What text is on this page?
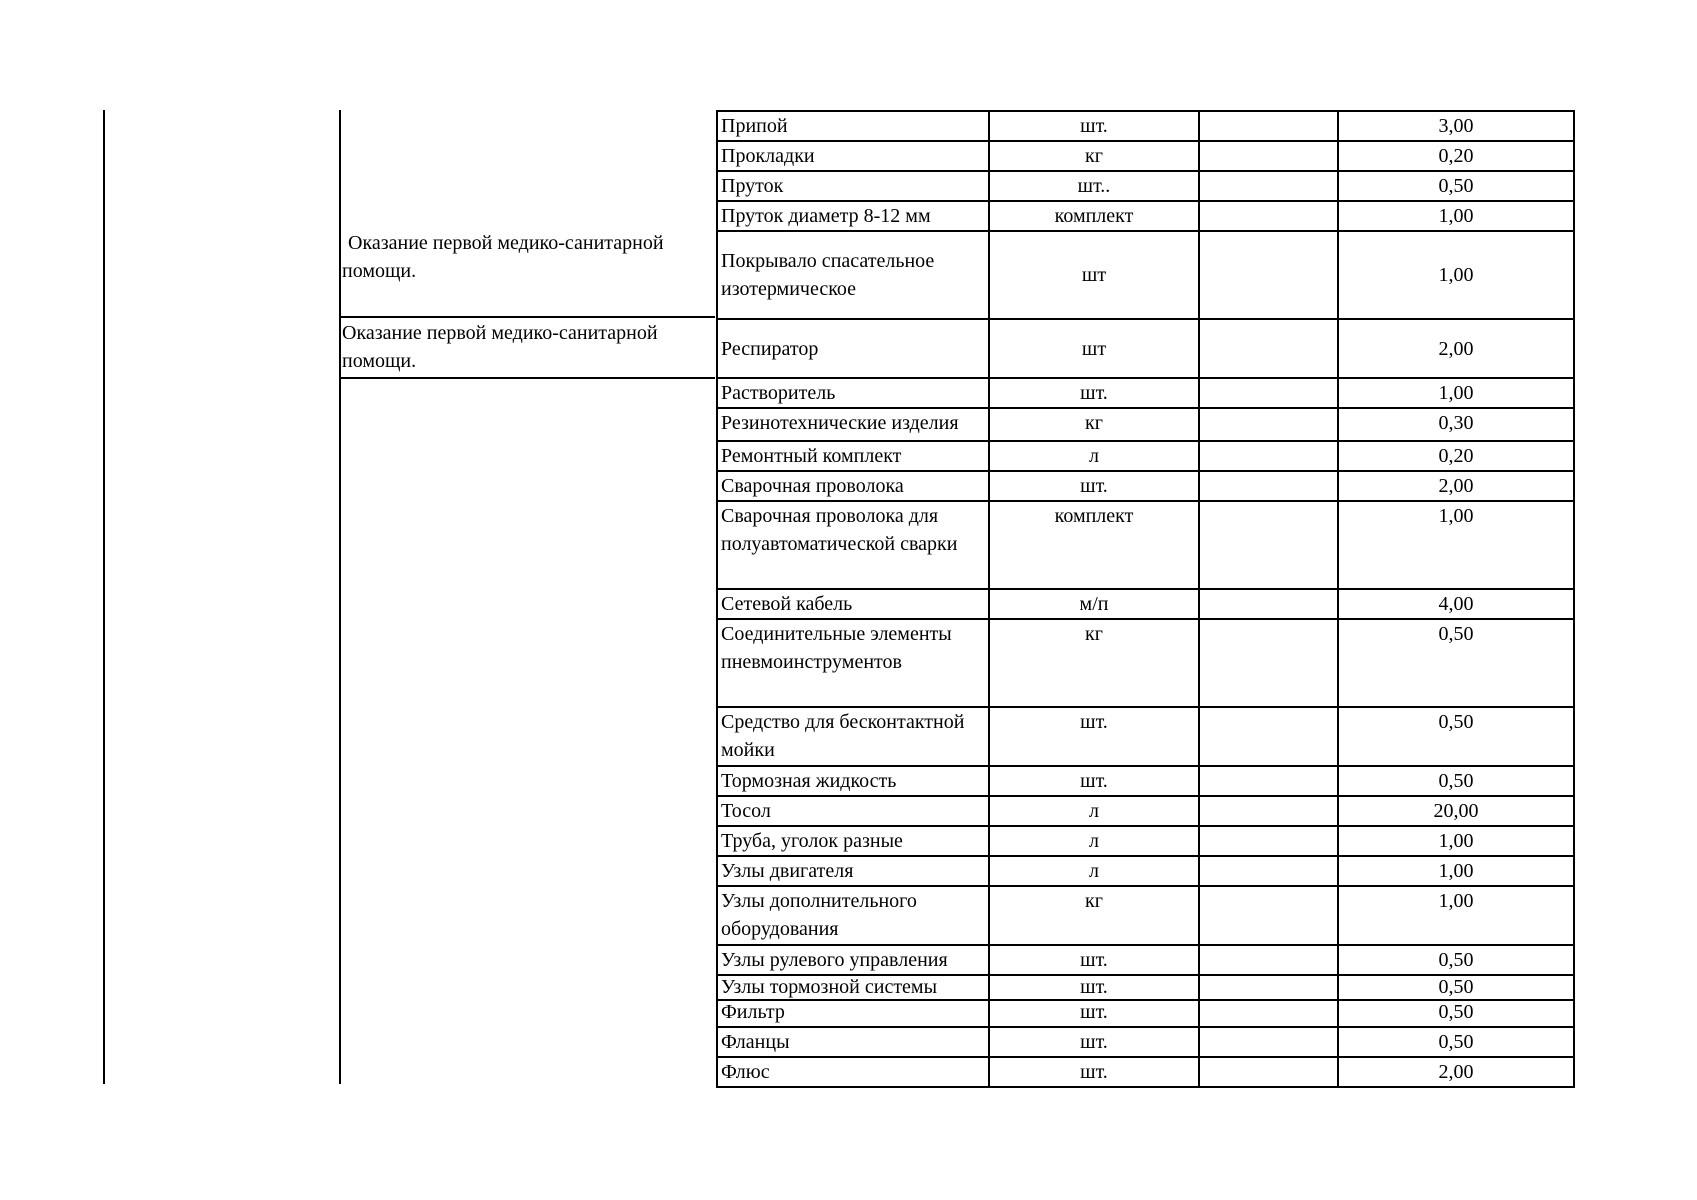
Оказание первой медико-санитарной
помощи.
Оказание первой медико-санитарной
помощи.
Припой	шт.		3,00
Прокладки	кг		0,20
Пруток	шт..		0,50
Пруток диаметр 8-12 мм	комплект		1,00
Покрывало спасательное изотермическое	шт		1,00
Респиратор	шт		2,00
Растворитель	шт.		1,00
Резинотехнические изделия	кг		0,30
Ремонтный комплект	л		0,20
Сварочная проволока	шт.		2,00
Сварочная проволока для полуавтоматической сварки	комплект		1,00
Сетевой кабель	м/п		4,00
Соединительные элементы пневмоинструментов	кг		0,50
Средство для бесконтактной мойки	шт.		0,50
Тормозная жидкость	шт.		0,50
Тосол	л		20,00
Труба, уголок разные	л		1,00
Узлы двигателя	л		1,00
Узлы дополнительного оборудования	кг		1,00
Узлы рулевого управления	шт.		0,50
Узлы тормозной системы	шт.		0,50
Фильтр	шт.		0,50
Фланцы	шт.		0,50
Флюс	шт.		2,00
